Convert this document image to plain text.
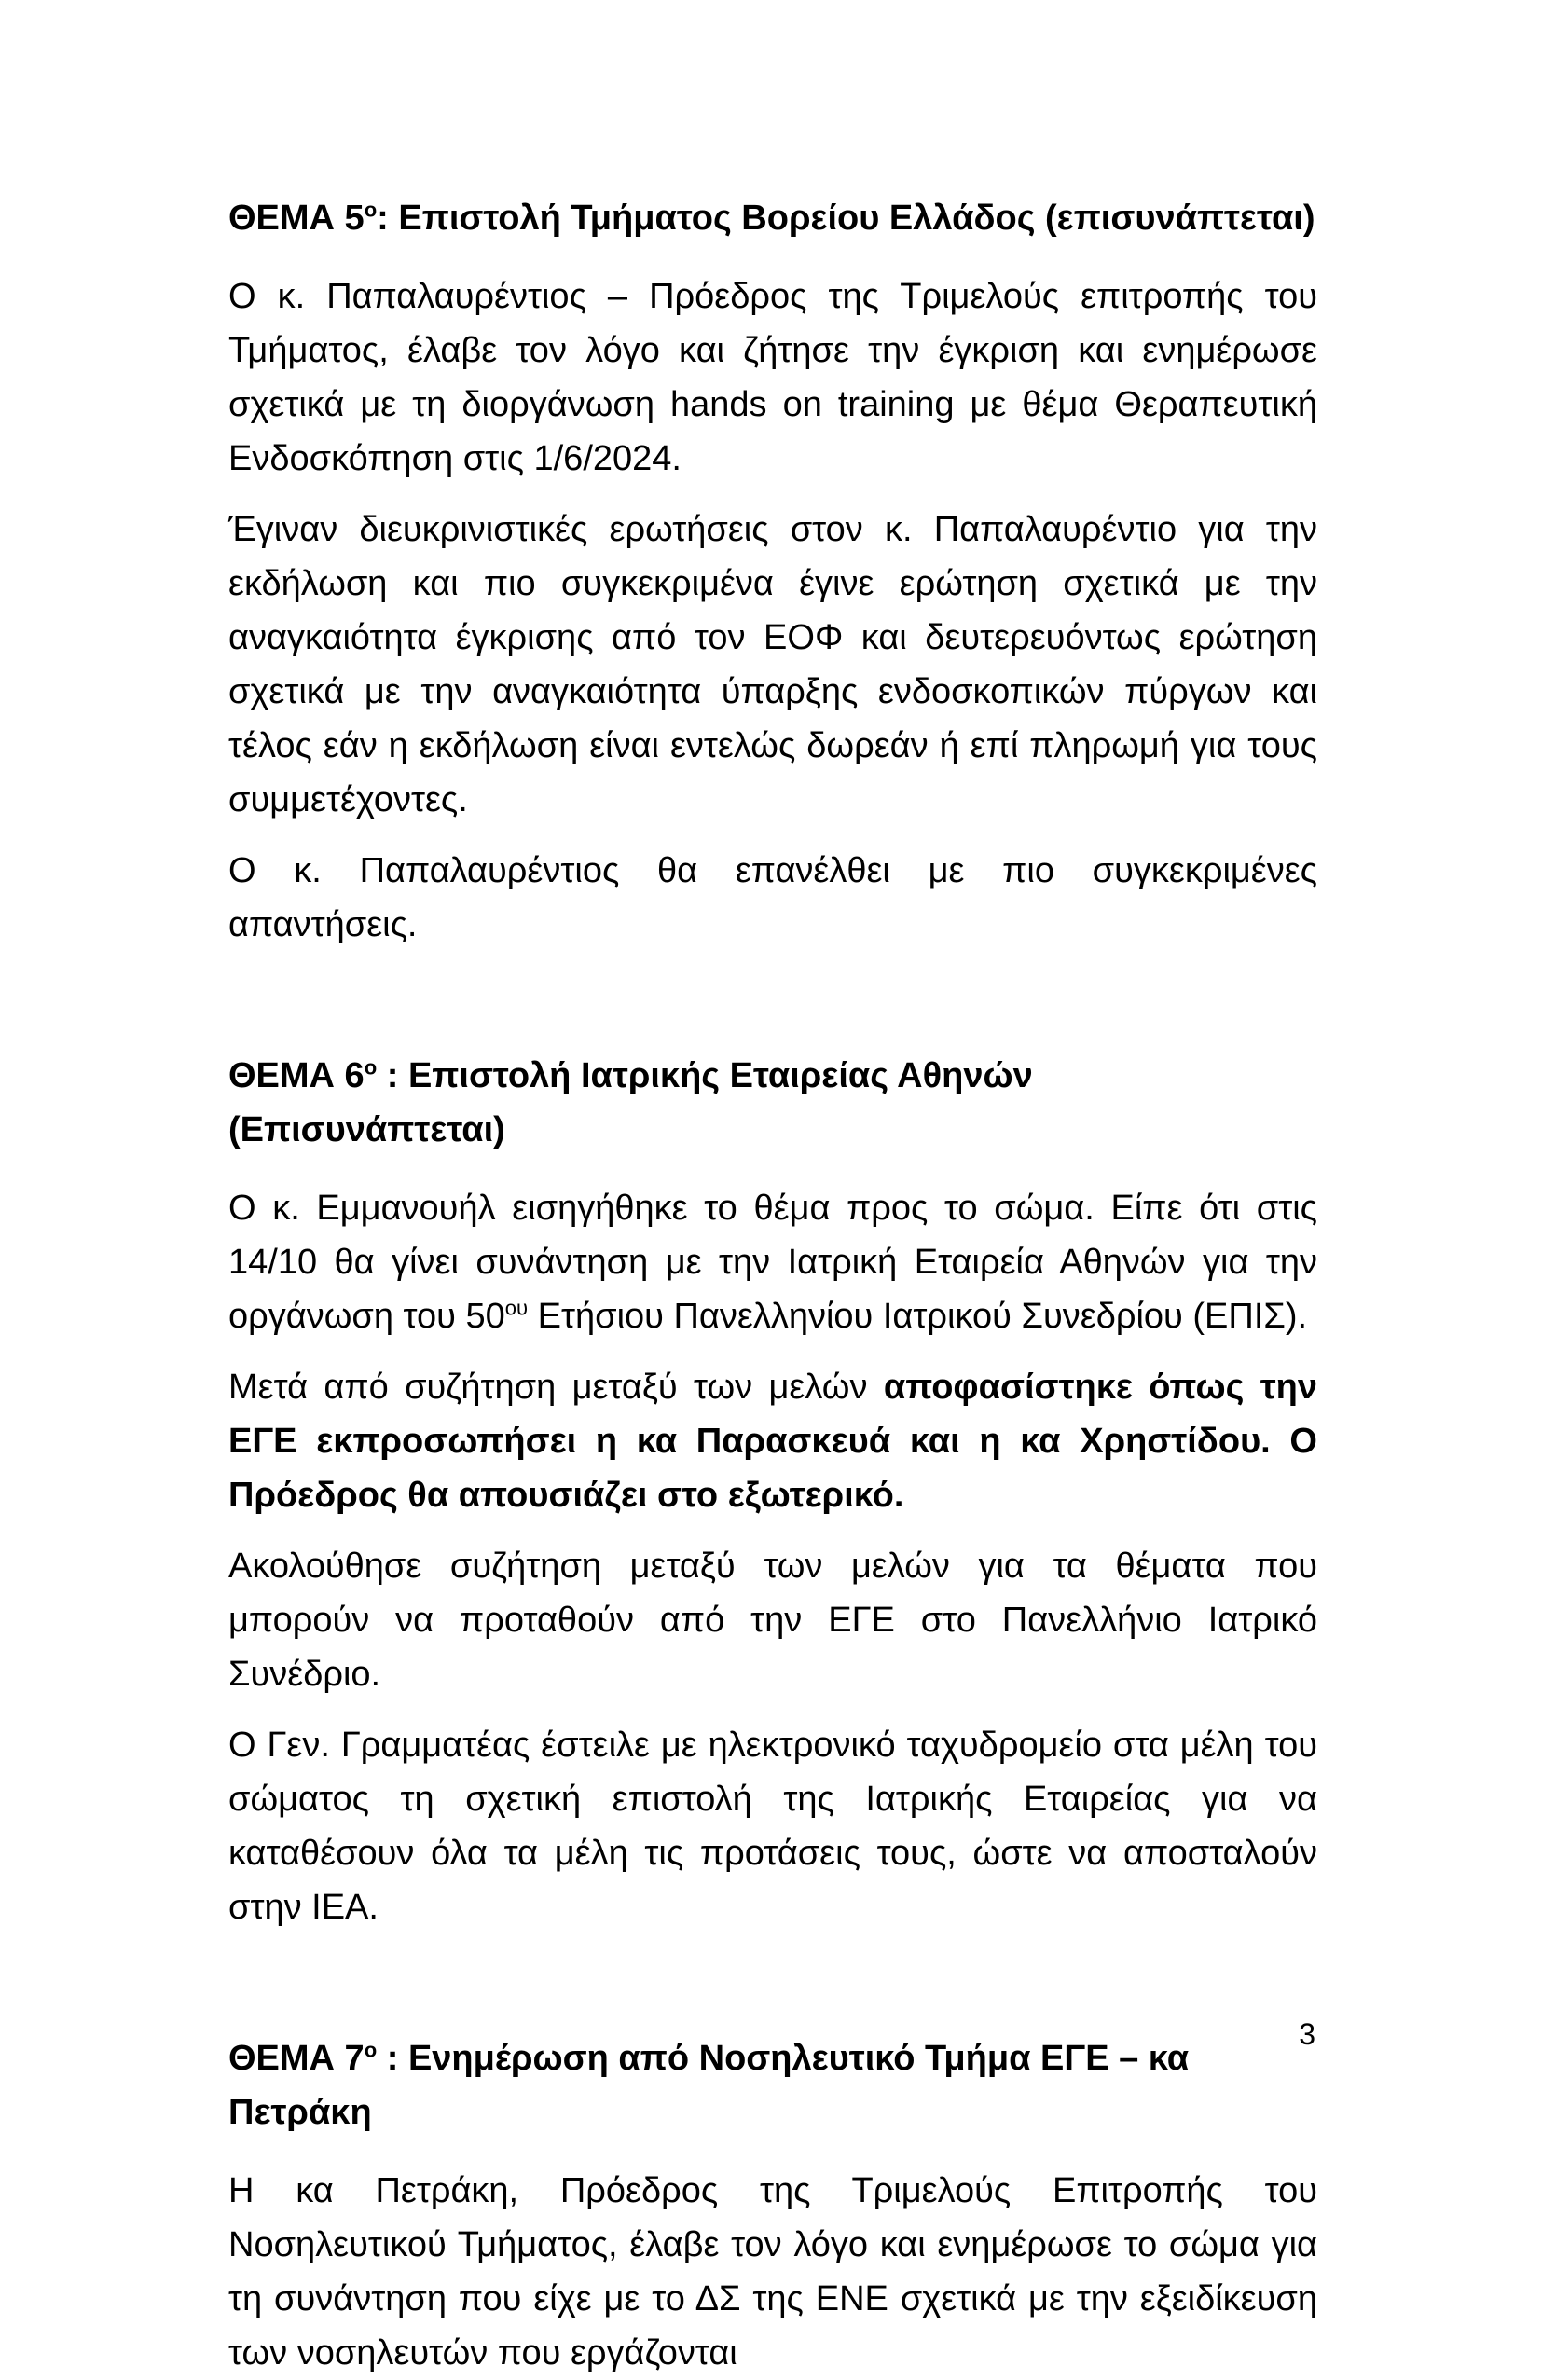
ΘΕΜΑ $5^o$: Επιστολή Τμήματος Βορείου Ελλάδος (επισυνάπτεται)

Ο κ. Παπαλαυρέντιος – Πρόεδρος της Τριμελούς επιτροπής του Τμήματος, έλαβε τον λόγο και ζήτησε την έγκριση και ενημέρωσε σχετικά με τη διοργάνωση hands on training με θέμα Θεραπευτική Ενδοσκόπηση στις 1/6/2024.

Έγιναν διευκρινιστικές ερωτήσεις στον κ. Παπαλαυρέντιο για την εκδήλωση και πιο συγκεκριμένα έγινε ερώτηση σχετικά με την αναγκαιότητα έγκρισης από τον ΕΟΦ και δευτερευόντως ερώτηση σχετικά με την αναγκαιότητα ύπαρξης ενδοσκοπικών πύργων και τέλος εάν η εκδήλωση είναι εντελώς δωρεάν ή επί πληρωμή για τους συμμετέχοντες.

Ο κ. Παπαλαυρέντιος θα επανέλθει με πιο συγκεκριμένες απαντήσεις.

ΘΕΜΑ $6^o$ : Επιστολή Ιατρικής Εταιρείας Αθηνών (Επισυνάπτεται)

Ο κ. Εμμανουήλ εισηγήθηκε το θέμα προς το σώμα. Είπε ότι στις 14/10 θα γίνει συνάντηση με την Ιατρική Εταιρεία Αθηνών για την οργάνωση του $50^{o\upsilon}$ Ετήσιου Πανελληνίου Ιατρικού Συνεδρίου (ΕΠΙΣ).

Μετά από συζήτηση μεταξύ των μελών αποφασίστηκε όπως την ΕΓΕ εκπροσωπήσει η κα Παρασκευά και η κα Χρηστίδου. Ο Πρόεδρος θα απουσιάζει στο εξωτερικό.

Ακολούθησε συζήτηση μεταξύ των μελών για τα θέματα που μπορούν να προταθούν από την ΕΓΕ στο Πανελλήνιο Ιατρικό Συνέδριο.

Ο Γεν. Γραμματέας έστειλε με ηλεκτρονικό ταχυδρομείο στα μέλη του σώματος τη σχετική επιστολή της Ιατρικής Εταιρείας για να καταθέσουν όλα τα μέλη τις προτάσεις τους, ώστε να αποσταλούν στην ΙΕΑ.

ΘΕΜΑ $7^o$ : Ενημέρωση από Νοσηλευτικό Τμήμα ΕΓΕ – κα Πετράκη

Η κα Πετράκη, Πρόεδρος της Τριμελούς Επιτροπής του Νοσηλευτικού Τμήματος, έλαβε τον λόγο και ενημέρωσε το σώμα για τη συνάντηση που είχε με το ΔΣ της ΕΝΕ σχετικά με την εξειδίκευση των νοσηλευτών που εργάζονται

3
